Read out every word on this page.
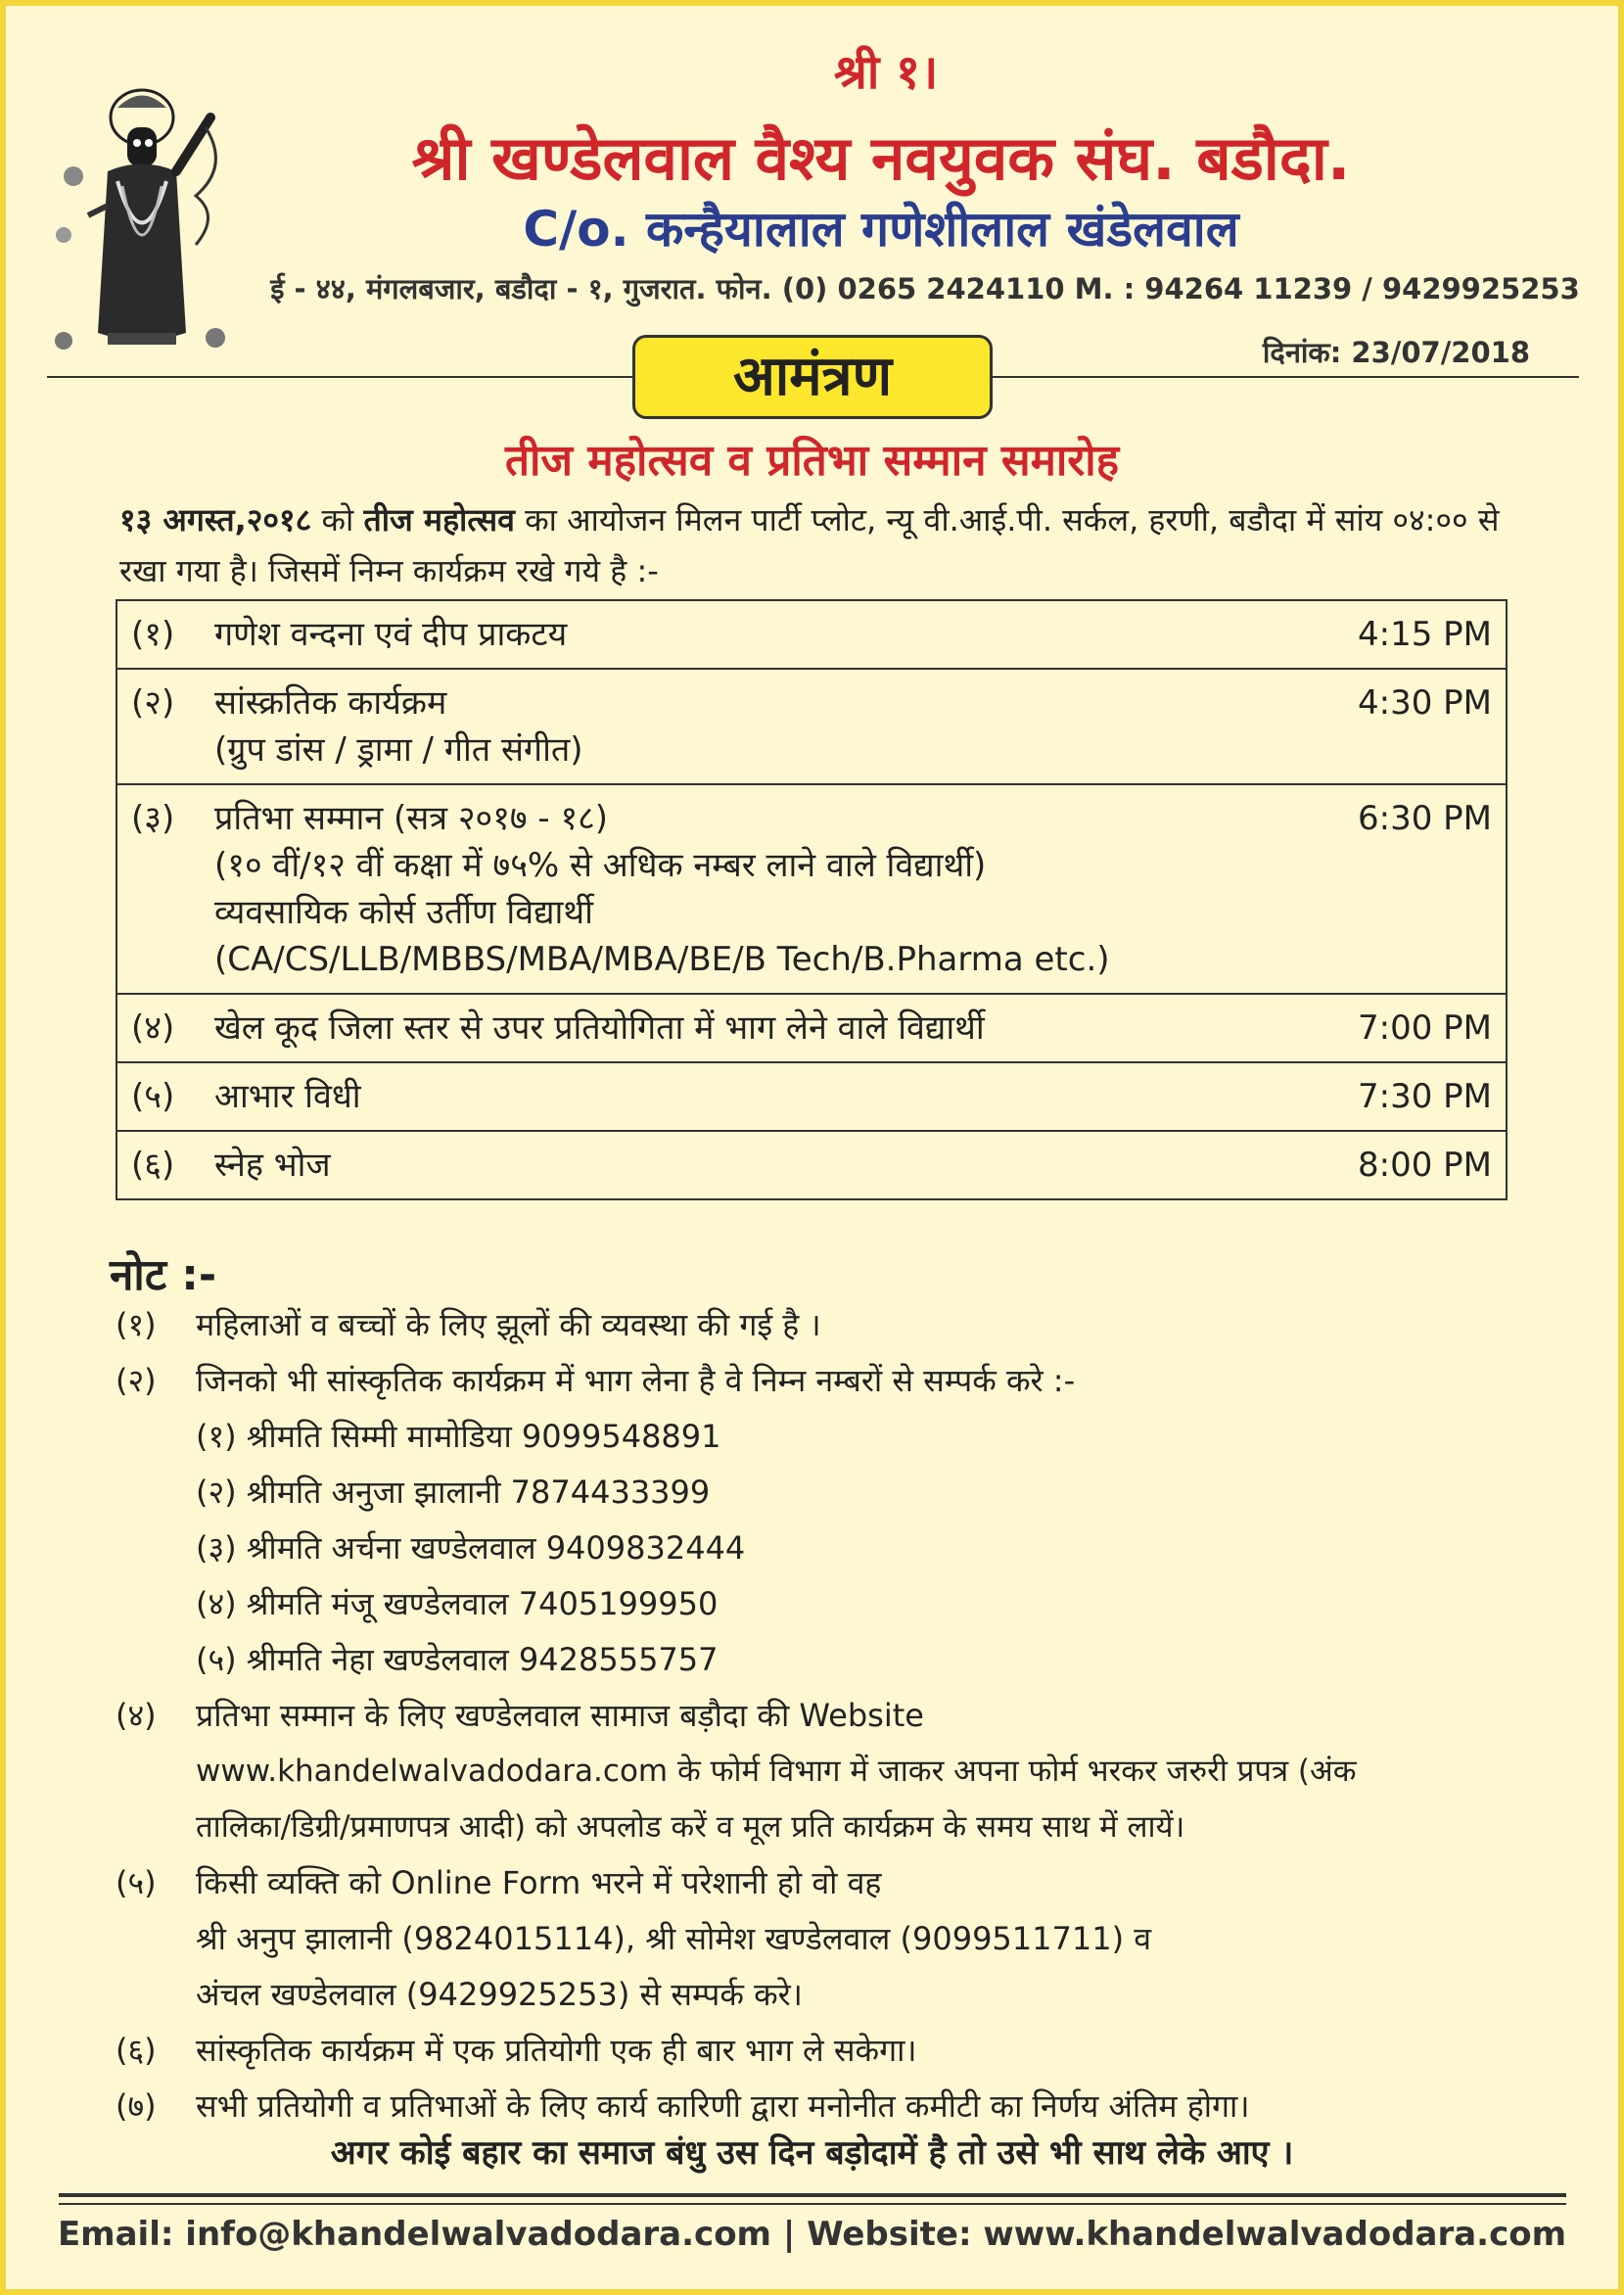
श्री १।
श्री खण्डेलवाल वैश्य नवयुवक संघ. बडौदा.
C/o. कन्हैयालाल गणेशीलाल खंडेलवाल
ई - ४४, मंगलबजार, बडौदा - १, गुजरात. फोन. (0) 0265 2424110 M. : 94264 11239 / 9429925253
दिनांक: 23/07/2018
आमंत्रण
तीज महोत्सव व प्रतिभा सम्मान समारोह
१३ अगस्त,२०१८ को तीज महोत्सव का आयोजन मिलन पार्टी प्लोट, न्यू वी.आई.पी. सर्कल, हरणी, बडौदा में सांय ०४:०० से रखा गया है। जिसमें निम्न कार्यक्रम रखे गये है :-
(१) गणेश वन्दना एवं दीप प्राकटय	4:15 PM
(२) सांस्क्रतिक कार्यक्रम
(ग्रुप डांस / ड्रामा / गीत संगीत)	4:30 PM
(३) प्रतिभा सम्मान (सत्र २०१७ - १८)
(१० वीं/१२ वीं कक्षा में ७५% से अधिक नम्बर लाने वाले विद्यार्थी)
व्यवसायिक कोर्स उर्तीण विद्यार्थी
(CA/CS/LLB/MBBS/MBA/MBA/BE/B Tech/B.Pharma etc.)	6:30 PM
(४) खेल कूद जिला स्तर से उपर प्रतियोगिता में भाग लेने वाले विद्यार्थी	7:00 PM
(५) आभार विधी	7:30 PM
(६) स्नेह भोज	8:00 PM
नोट :-
(१) महिलाओं व बच्चों के लिए झूलों की व्यवस्था की गई है ।
(२) जिनको भी सांस्कृतिक कार्यक्रम में भाग लेना है वे निम्न नम्बरों से सम्पर्क करे :-
(१) श्रीमति सिम्मी मामोडिया 9099548891
(२) श्रीमति अनुजा झालानी 7874433399
(३) श्रीमति अर्चना खण्डेलवाल 9409832444
(४) श्रीमति मंजू खण्डेलवाल 7405199950
(५) श्रीमति नेहा खण्डेलवाल 9428555757
(४) प्रतिभा सम्मान के लिए खण्डेलवाल सामाज बड़ौदा की Website
www.khandelwalvadodara.com के फोर्म विभाग में जाकर अपना फोर्म भरकर जरुरी प्रपत्र (अंक
तालिका/डिग्री/प्रमाणपत्र आदी) को अपलोड करें व मूल प्रति कार्यक्रम के समय साथ में लायें।
(५) किसी व्यक्ति को Online Form भरने में परेशानी हो वो वह
श्री अनुप झालानी (9824015114), श्री सोमेश खण्डेलवाल (9099511711) व
अंचल खण्डेलवाल (9429925253) से सम्पर्क करे।
(६) सांस्कृतिक कार्यक्रम में एक प्रतियोगी एक ही बार भाग ले सकेगा।
(७) सभी प्रतियोगी व प्रतिभाओं के लिए कार्य कारिणी द्वारा मनोनीत कमीटी का निर्णय अंतिम होगा।
अगर कोई बहार का समाज बंधु उस दिन बड़ोदामें है तो उसे भी साथ लेके आए ।
Email: info@khandelwalvadodara.com | Website: www.khandelwalvadodara.com
